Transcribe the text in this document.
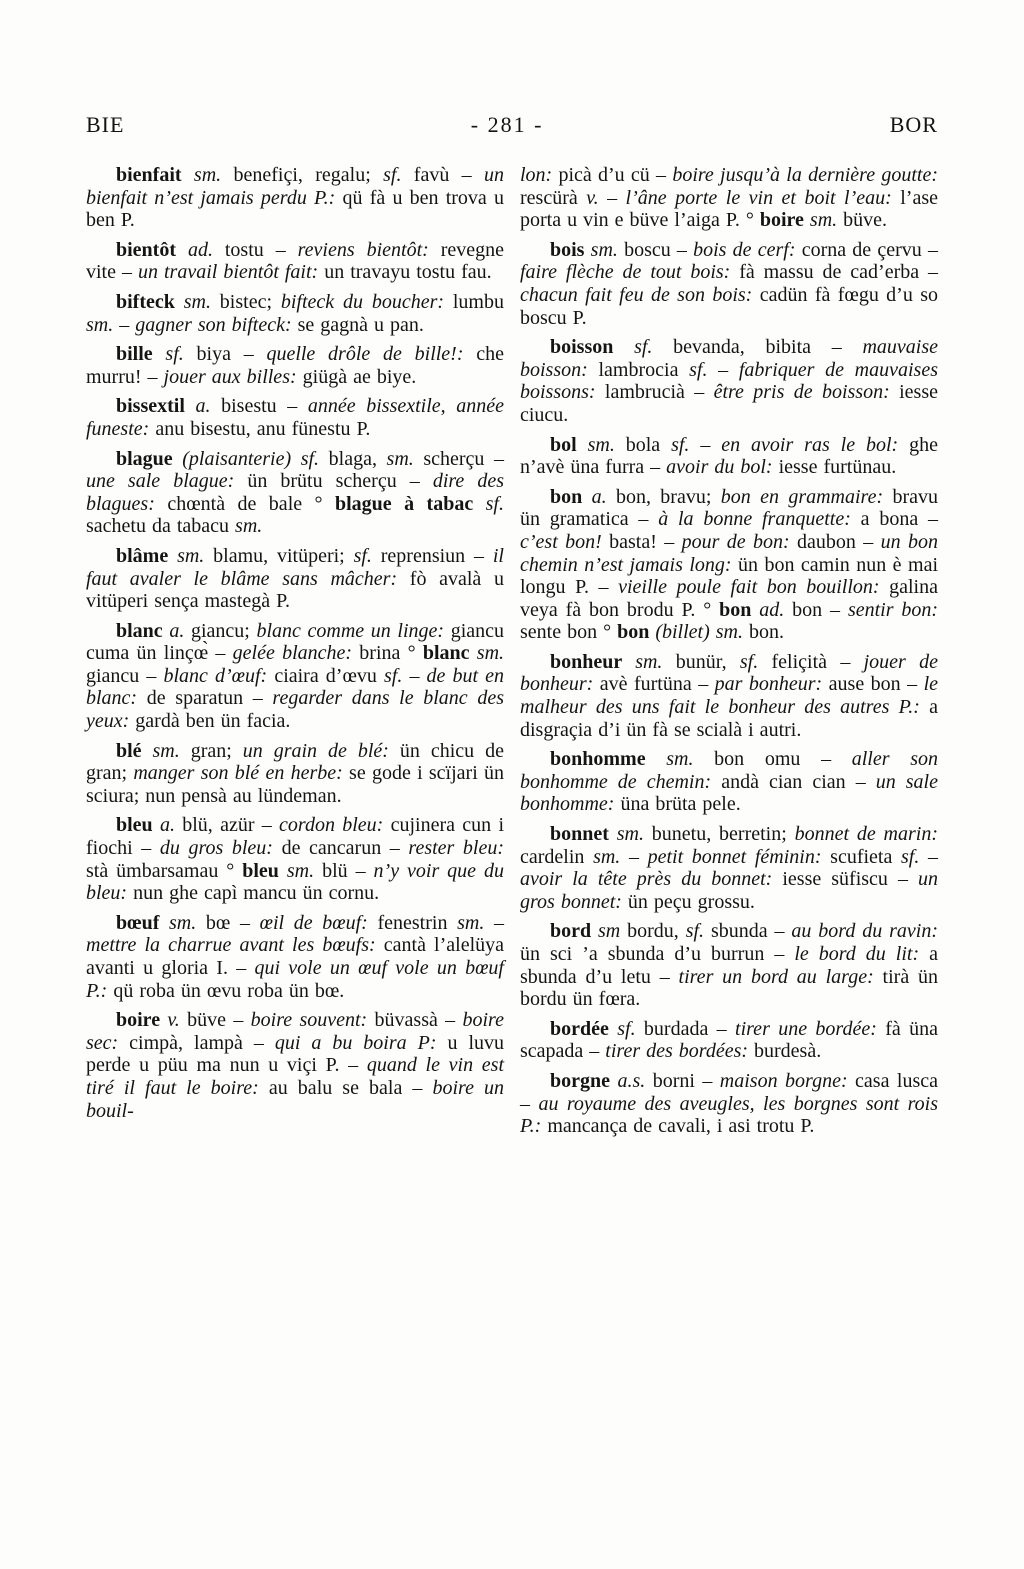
BIE	- 281 -	BOR

bienfait sm. benefiçi, regalu; sf. favù – un bienfait n’est jamais perdu P.: qü fà u ben trova u ben P.

bientôt ad. tostu – reviens bientôt: revegne vite – un travail bientôt fait: un travayu tostu fau.

bifteck sm. bistec; bifteck du boucher: lumbu sm. – gagner son bifteck: se gagnà u pan.

bille sf. biya – quelle drôle de bille!: che murru! – jouer aux billes: giügà ae biye.

bissextil a. bisestu – année bissextile, année funeste: anu bisestu, anu fünestu P.

blague (plaisanterie) sf. blaga, sm. scherçu – une sale blague: ün brütu scherçu – dire des blagues: chœntà de bale ° blague à tabac sf. sachetu da tabacu sm.

blâme sm. blamu, vitüperi; sf. reprensiun – il faut avaler le blâme sans mâcher: fò avalà u vitüperi sença mastegà P.

blanc a. giancu; blanc comme un linge: giancu cuma ün linçœ̀ – gelée blanche: brina ° blanc sm. giancu – blanc d’œuf: ciaira d’œvu sf. – de but en blanc: de sparatun – regarder dans le blanc des yeux: gardà ben ün facia.

blé sm. gran; un grain de blé: ün chicu de gran; manger son blé en herbe: se gode i scïjari ün sciura; nun pensà au lündeman.

bleu a. blü, azür – cordon bleu: cujinera cun i fiochi – du gros bleu: de cancarun – rester bleu: stà ümbarsamau ° bleu sm. blü – n’y voir que du bleu: nun ghe capì mancu ün cornu.

bœuf sm. bœ – œil de bœuf: fenestrin sm. – mettre la charrue avant les bœufs: cantà l’alelüya avanti u gloria I. – qui vole un œuf vole un bœuf P.: qü roba ün œvu roba ün bœ.

boire v. büve – boire souvent: büvassà – boire sec: cimpà, lampà – qui a bu boira P: u luvu perde u püu ma nun u viçi P. – quand le vin est tiré il faut le boire: au balu se bala – boire un bouil-

lon: picà d’u cü – boire jusqu’à la dernière goutte: rescürà v. – l’âne porte le vin et boit l’eau: l’ase porta u vin e büve l’aiga P. ° boire sm. büve.

bois sm. boscu – bois de cerf: corna de çervu – faire flèche de tout bois: fà massu de cad’erba – chacun fait feu de son bois: cadün fà fœgu d’u so boscu P.

boisson sf. bevanda, bibita – mauvaise boisson: lambrocia sf. – fabriquer de mauvaises boissons: lambrucià – être pris de boisson: iesse ciucu.

bol sm. bola sf. – en avoir ras le bol: ghe n’avè üna furra – avoir du bol: iesse furtünau.

bon a. bon, bravu; bon en grammaire: bravu ün gramatica – à la bonne franquette: a bona – c’est bon! basta! – pour de bon: daubon – un bon chemin n’est jamais long: ün bon camin nun è mai longu P. – vieille poule fait bon bouillon: galina veya fà bon brodu P. ° bon ad. bon – sentir bon: sente bon ° bon (billet) sm. bon.

bonheur sm. bunür, sf. feliçità – jouer de bonheur: avè furtüna – par bonheur: ause bon – le malheur des uns fait le bonheur des autres P.: a disgraçia d’i ün fà se scialà i autri.

bonhomme sm. bon omu – aller son bonhomme de chemin: andà cian cian – un sale bonhomme: üna brüta pele.

bonnet sm. bunetu, berretin; bonnet de marin: cardelin sm. – petit bonnet féminin: scufieta sf. – avoir la tête près du bonnet: iesse süfiscu – un gros bonnet: ün peçu grossu.

bord sm bordu, sf. sbunda – au bord du ravin: ün sci ’a sbunda d’u burrun – le bord du lit: a sbunda d’u letu – tirer un bord au large: tirà ün bordu ün fœra.

bordée sf. burdada – tirer une bordée: fà üna scapada – tirer des bordées: burdesà.

borgne a.s. borni – maison borgne: casa lusca – au royaume des aveugles, les borgnes sont rois P.: mancança de cavali, i asi trotu P.
